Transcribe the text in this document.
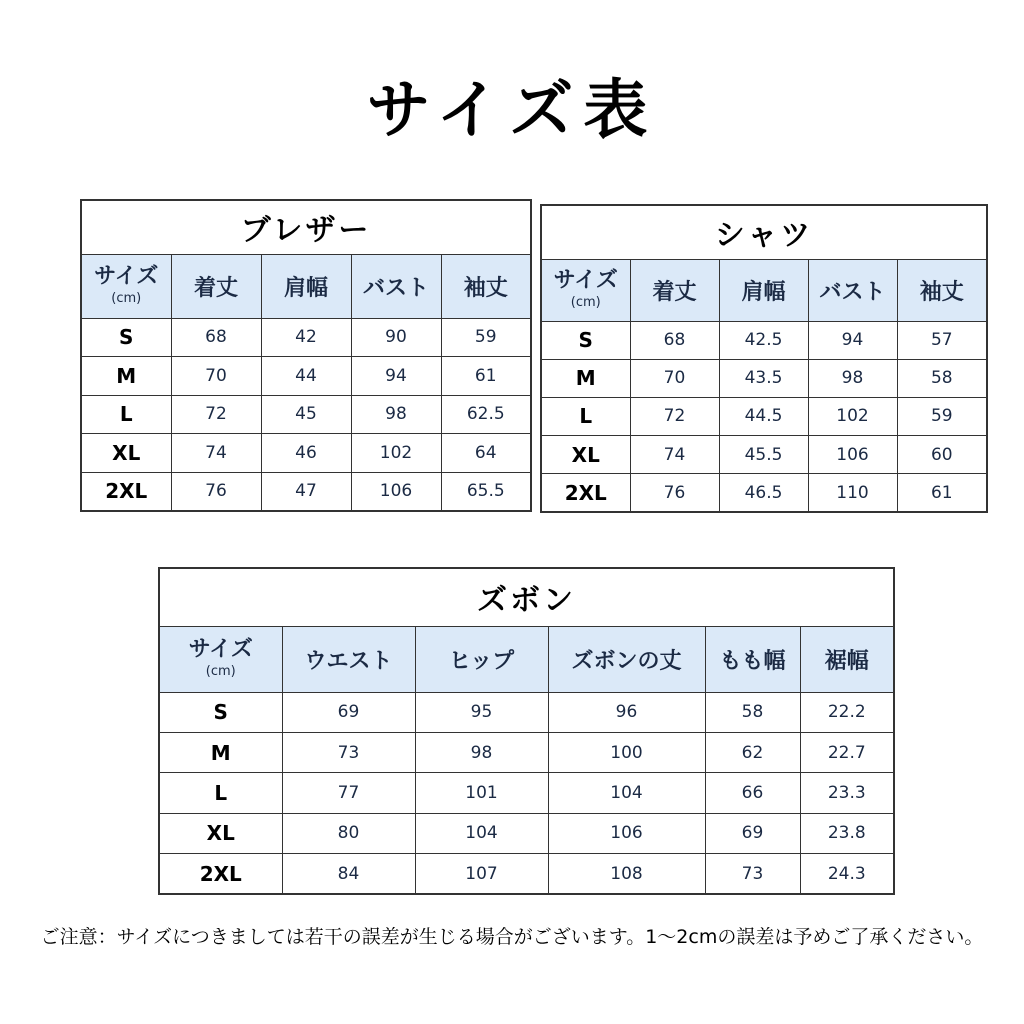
サイズ表
ブレザー				
サイズ
(cm)	着丈	肩幅	バスト	袖丈
S	68	42	90	59
M	70	44	94	61
L	72	45	98	62.5
XL	74	46	102	64
2XL	76	47	106	65.5
シャツ				
サイズ
(cm)	着丈	肩幅	バスト	袖丈
S	68	42.5	94	57
M	70	43.5	98	58
L	72	44.5	102	59
XL	74	45.5	106	60
2XL	76	46.5	110	61
ズボン					
サイズ
(cm)	ウエスト	ヒップ	ズボンの丈	もも幅	裾幅
S	69	95	96	58	22.2
M	73	98	100	62	22.7
L	77	101	104	66	23.3
XL	80	104	106	69	23.8
2XL	84	107	108	73	24.3
ご注意：サイズにつきましては若干の誤差が生じる場合がございます。1〜2cmの誤差は予めご了承ください。
